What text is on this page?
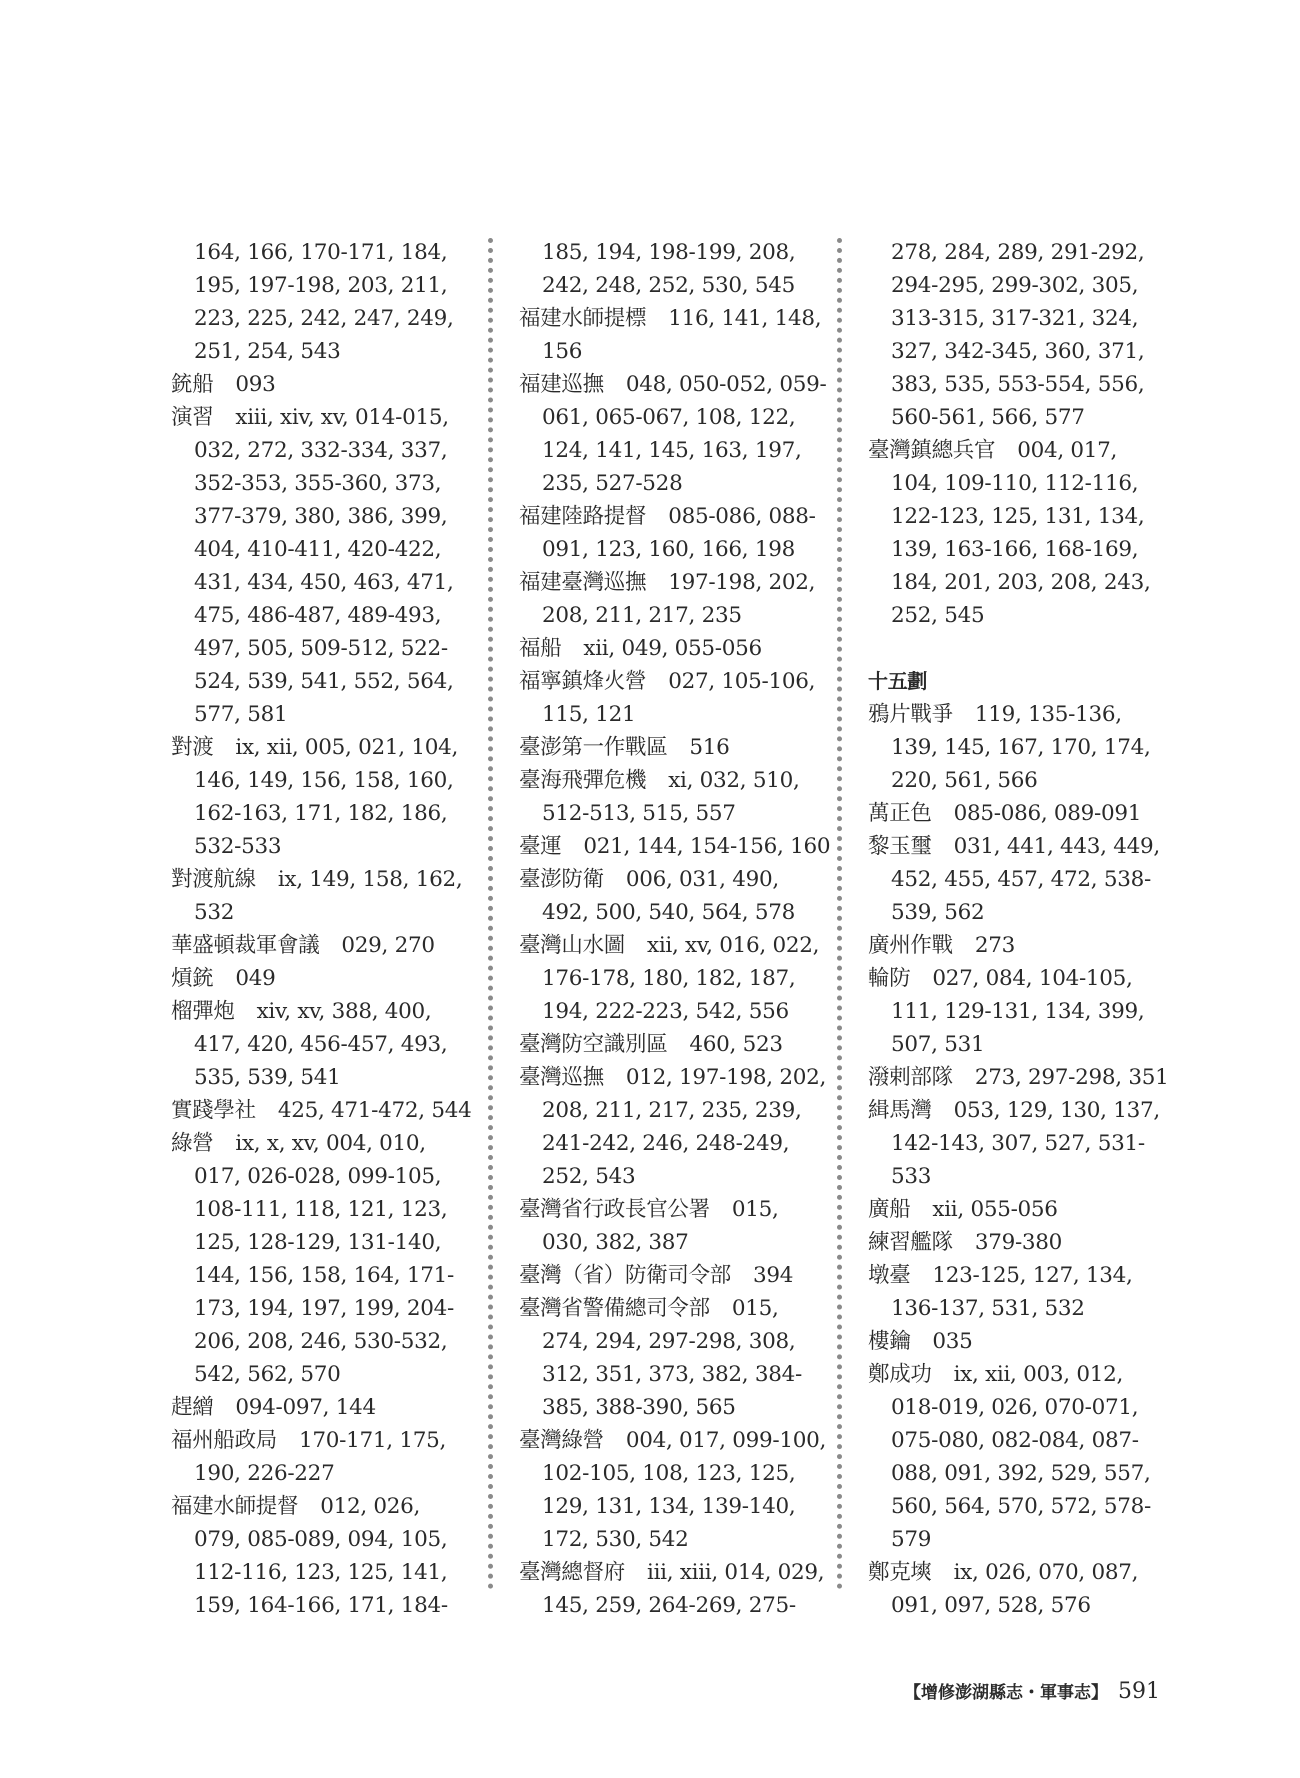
164, 166, 170-171, 184,
195, 197-198, 203, 211,
223, 225, 242, 247, 249,
251, 254, 543
銃船 093
演習 xiii, xiv, xv, 014-015,
032, 272, 332-334, 337,
352-353, 355-360, 373,
377-379, 380, 386, 399,
404, 410-411, 420-422,
431, 434, 450, 463, 471,
475, 486-487, 489-493,
497, 505, 509-512, 522-
524, 539, 541, 552, 564,
577, 581
對渡 ix, xii, 005, 021, 104,
146, 149, 156, 158, 160,
162-163, 171, 182, 186,
532-533
對渡航線 ix, 149, 158, 162,
532
華盛頓裁軍會議 029, 270
熕銃 049
榴彈炮 xiv, xv, 388, 400,
417, 420, 456-457, 493,
535, 539, 541
實踐學社 425, 471-472, 544
綠營 ix, x, xv, 004, 010,
017, 026-028, 099-105,
108-111, 118, 121, 123,
125, 128-129, 131-140,
144, 156, 158, 164, 171-
173, 194, 197, 199, 204-
206, 208, 246, 530-532,
542, 562, 570
趕繒 094-097, 144
福州船政局 170-171, 175,
190, 226-227
福建水師提督 012, 026,
079, 085-089, 094, 105,
112-116, 123, 125, 141,
159, 164-166, 171, 184-
185, 194, 198-199, 208,
242, 248, 252, 530, 545
福建水師提標 116, 141, 148,
156
福建巡撫 048, 050-052, 059-
061, 065-067, 108, 122,
124, 141, 145, 163, 197,
235, 527-528
福建陸路提督 085-086, 088-
091, 123, 160, 166, 198
福建臺灣巡撫 197-198, 202,
208, 211, 217, 235
福船 xii, 049, 055-056
福寧鎮烽火營 027, 105-106,
115, 121
臺澎第一作戰區 516
臺海飛彈危機 xi, 032, 510,
512-513, 515, 557
臺運 021, 144, 154-156, 160
臺澎防衛 006, 031, 490,
492, 500, 540, 564, 578
臺灣山水圖 xii, xv, 016, 022,
176-178, 180, 182, 187,
194, 222-223, 542, 556
臺灣防空識別區 460, 523
臺灣巡撫 012, 197-198, 202,
208, 211, 217, 235, 239,
241-242, 246, 248-249,
252, 543
臺灣省行政長官公署 015,
030, 382, 387
臺灣（省）防衛司令部 394
臺灣省警備總司令部 015,
274, 294, 297-298, 308,
312, 351, 373, 382, 384-
385, 388-390, 565
臺灣綠營 004, 017, 099-100,
102-105, 108, 123, 125,
129, 131, 134, 139-140,
172, 530, 542
臺灣總督府 iii, xiii, 014, 029,
145, 259, 264-269, 275-
278, 284, 289, 291-292,
294-295, 299-302, 305,
313-315, 317-321, 324,
327, 342-345, 360, 371,
383, 535, 553-554, 556,
560-561, 566, 577
臺灣鎮總兵官 004, 017,
104, 109-110, 112-116,
122-123, 125, 131, 134,
139, 163-166, 168-169,
184, 201, 203, 208, 243,
252, 545
十五劃
鴉片戰爭 119, 135-136,
139, 145, 167, 170, 174,
220, 561, 566
萬正色 085-086, 089-091
黎玉璽 031, 441, 443, 449,
452, 455, 457, 472, 538-
539, 562
廣州作戰 273
輪防 027, 084, 104-105,
111, 129-131, 134, 399,
507, 531
潑剌部隊 273, 297-298, 351
緝馬灣 053, 129, 130, 137,
142-143, 307, 527, 531-
533
廣船 xii, 055-056
練習艦隊 379-380
墩臺 123-125, 127, 134,
136-137, 531, 532
樓鑰 035
鄭成功 ix, xii, 003, 012,
018-019, 026, 070-071,
075-080, 082-084, 087-
088, 091, 392, 529, 557,
560, 564, 570, 572, 578-
579
鄭克塽 ix, 026, 070, 087,
091, 097, 528, 576
【增修澎湖縣志・軍事志】 591
